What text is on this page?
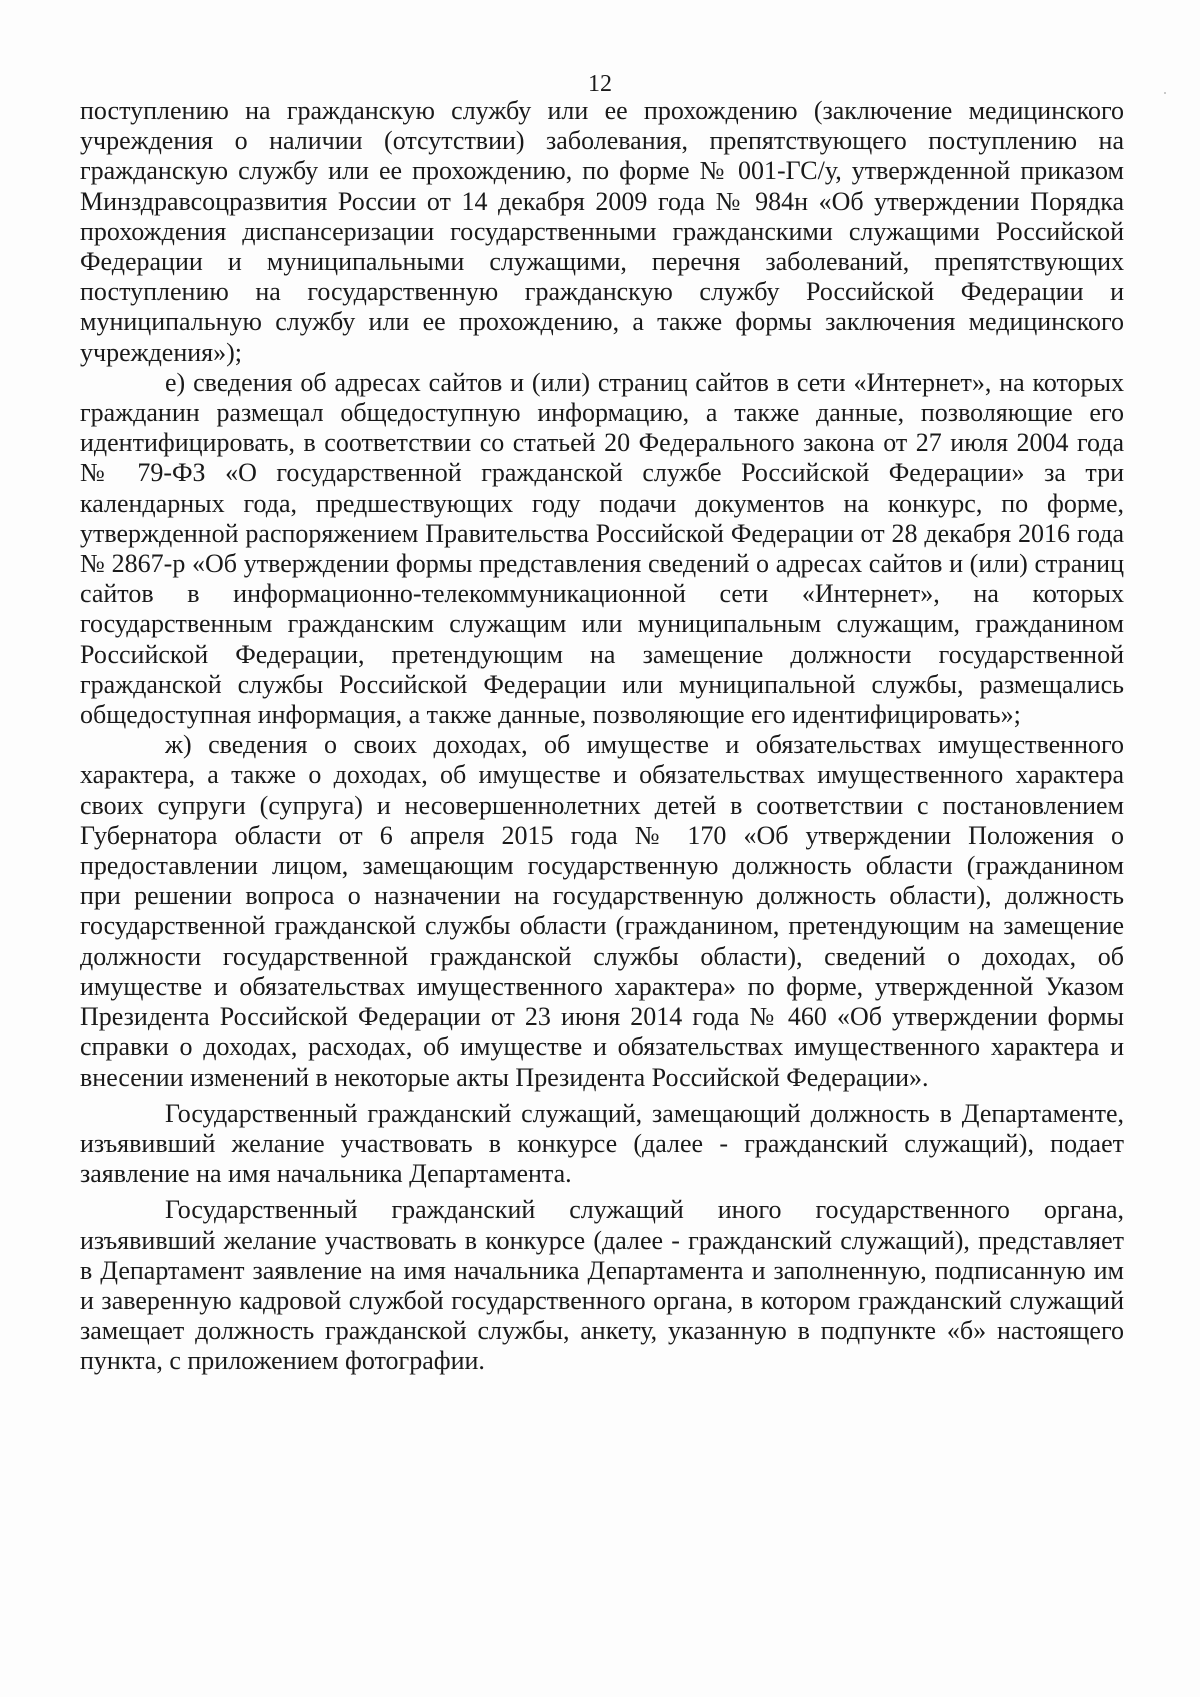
12

поступлению на гражданскую службу или ее прохождению (заключение медицинского учреждения о наличии (отсутствии) заболевания, препятствующего поступлению на гражданскую службу или ее прохождению, по форме № 001-ГС/у, утвержденной приказом Минздравсоцразвития России от 14 декабря 2009 года № 984н «Об утверждении Порядка прохождения диспансеризации государственными гражданскими служащими Российской Федерации и муниципальными служащими, перечня заболеваний, препятствующих поступлению на государственную гражданскую службу Российской Федерации и муниципальную службу или ее прохождению, а также формы заключения медицинского учреждения»);

е) сведения об адресах сайтов и (или) страниц сайтов в сети «Интернет», на которых гражданин размещал общедоступную информацию, а также данные, позволяющие его идентифицировать, в соответствии со статьей 20 Федерального закона от 27 июля 2004 года № 79-ФЗ «О государственной гражданской службе Российской Федерации» за три календарных года, предшествующих году подачи документов на конкурс, по форме, утвержденной распоряжением Правительства Российской Федерации от 28 декабря 2016 года № 2867-р «Об утверждении формы представления сведений о адресах сайтов и (или) страниц сайтов в информационно-телекоммуникационной сети «Интернет», на которых государственным гражданским служащим или муниципальным служащим, гражданином Российской Федерации, претендующим на замещение должности государственной гражданской службы Российской Федерации или муниципальной службы, размещались общедоступная информация, а также данные, позволяющие его идентифицировать»;

ж) сведения о своих доходах, об имуществе и обязательствах имущественного характера, а также о доходах, об имуществе и обязательствах имущественного характера своих супруги (супруга) и несовершеннолетних детей в соответствии с постановлением Губернатора области от 6 апреля 2015 года № 170 «Об утверждении Положения о предоставлении лицом, замещающим государственную должность области (гражданином при решении вопроса о назначении на государственную должность области), должность государственной гражданской службы области (гражданином, претендующим на замещение должности государственной гражданской службы области), сведений о доходах, об имуществе и обязательствах имущественного характера» по форме, утвержденной Указом Президента Российской Федерации от 23 июня 2014 года № 460 «Об утверждении формы справки о доходах, расходах, об имуществе и обязательствах имущественного характера и внесении изменений в некоторые акты Президента Российской Федерации».

Государственный гражданский служащий, замещающий должность в Департаменте, изъявивший желание участвовать в конкурсе (далее - гражданский служащий), подает заявление на имя начальника Департамента.

Государственный гражданский служащий иного государственного органа, изъявивший желание участвовать в конкурсе (далее - гражданский служащий), представляет в Департамент заявление на имя начальника Департамента и заполненную, подписанную им и заверенную кадровой службой государственного органа, в котором гражданский служащий замещает должность гражданской службы, анкету, указанную в подпункте «б» настоящего пункта, с приложением фотографии.
